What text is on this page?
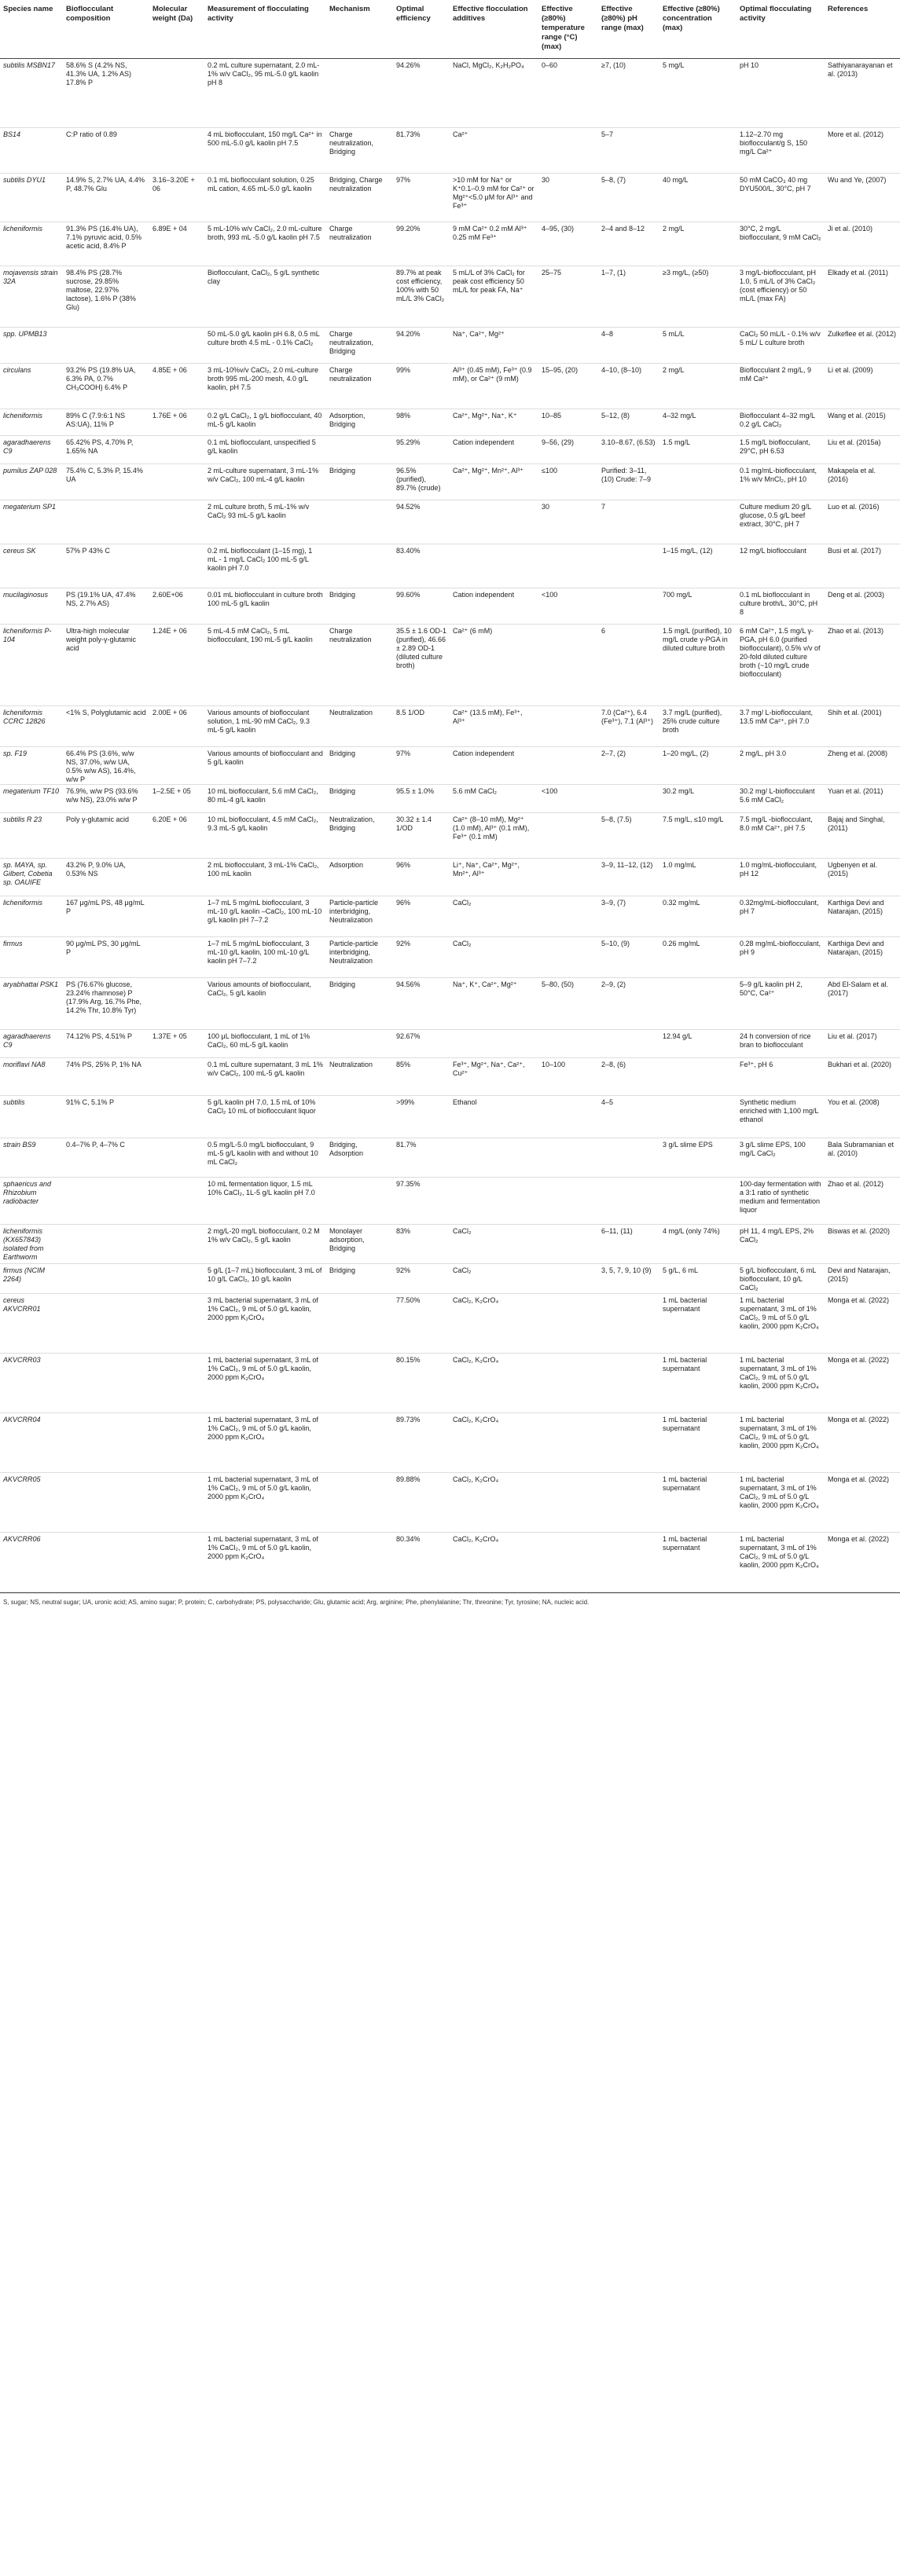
Species name	Bioflocculant composition	Molecular weight (Da)	Measurement of flocculating activity	Mechanism	Optimal efficiency	Effective flocculation additives	Effective (≥80%) temperature range (°C) (max)	Effective (≥80%) pH range (max)	Effective (≥80%) concentration (max)	Optimal flocculating activity	References
subtilis MSBN17	58.6% S (4.2% NS, 41.3% UA, 1.2% AS) 17.8% P		0.2 mL culture supernatant, 2.0 mL-1% w/v CaCl₂, 95 mL-5.0 g/L kaolin pH 8		94.26%	NaCl, MgCl₂, K₂H₂PO₄	0–60	≥7, (10)	5 mg/L	pH 10	Sathiyanarayanan et al. (2013)
BS14	C:P ratio of 0.89		4 mL bioflocculant, 150 mg/L Ca²⁺ in 500 mL-5.0 g/L kaolin pH 7.5	Charge neutralization, Bridging	81.73%	Ca²⁺		5–7		1.12–2.70 mg bioflocculant/g S, 150 mg/L Ca²⁺	More et al. (2012)
subtilis DYU1	14.9% S, 2.7% UA, 4.4% P, 48.7% Glu	3.16–3.20E + 06	0.1 mL bioflocculant solution, 0.25 mL cation, 4.65 mL-5.0 g/L kaolin	Bridging, Charge neutralization	97%	>10 mM for Na⁺ or K⁺0.1–0.9 mM for Ca²⁺ or Mg²⁺<5.0 μM for Al³⁺ and Fe³⁺	30	5–8, (7)	40 mg/L	50 mM CaCO₃ 40 mg DYU500/L, 30°C, pH 7	Wu and Ye, (2007)
licheniformis	91.3% PS (16.4% UA), 7.1% pyruvic acid, 0.5% acetic acid, 8.4% P	6.89E + 04	5 mL-10% w/v CaCl₂, 2.0 mL-culture broth, 993 mL -5.0 g/L kaolin pH 7.5	Charge neutralization	99.20%	9 mM Ca²⁺ 0.2 mM Al³⁺ 0.25 mM Fe³⁺	4–95, (30)	2–4 and 8–12	2 mg/L	30°C, 2 mg/L bioflocculant, 9 mM CaCl₂	Ji et al. (2010)
mojavensis strain 32A	98.4% PS (28.7% sucrose, 29.85% maltose, 22.97% lactose), 1.6% P (38% Glu)		Bioflocculant, CaCl₂, 5 g/L synthetic clay		89.7% at peak cost efficiency, 100% with 50 mL/L 3% CaCl₂	5 mL/L of 3% CaCl₂ for peak cost efficiency 50 mL/L for peak FA, Na⁺	25–75	1–7, (1)	≥3 mg/L, (≥50)	3 mg/L-bioflocculant, pH 1.0, 5 mL/L of 3% CaCl₂ (cost efficiency) or 50 mL/L (max FA)	Elkady et al. (2011)
spp. UPMB13			50 mL-5.0 g/L kaolin pH 6.8, 0.5 mL culture broth 4.5 mL - 0.1% CaCl₂	Charge neutralization, Bridging	94.20%	Na⁺, Ca²⁺, Mg²⁺		4–8	5 mL/L	CaCl₂ 50 mL/L - 0.1% w/v 5 mL/ L culture broth	Zulkeflee et al. (2012)
circulans	93.2% PS (19.8% UA, 6.3% PA, 0.7% CH₃COOH) 6.4% P	4.85E + 06	3 mL-10%v/v CaCl₂, 2.0 mL-culture broth 995 mL-200 mesh, 4.0 g/L kaolin, pH 7.5	Charge neutralization	99%	Al³⁺ (0.45 mM), Fe³⁺ (0.9 mM), or Ca²⁺ (9 mM)	15–95, (20)	4–10, (8–10)	2 mg/L	Bioflocculant 2 mg/L, 9 mM Ca²⁺	Li et al. (2009)
licheniformis	89% C (7.9:6:1 NS AS:UA), 11% P	1.76E + 06	0.2 g/L CaCl₂, 1 g/L bioflocculant, 40 mL-5 g/L kaolin	Adsorption, Bridging	98%	Ca²⁺, Mg²⁺, Na⁺, K⁺	10–85	5–12, (8)	4–32 mg/L	Bioflocculant 4–32 mg/L 0.2 g/L CaCl₂	Wang et al. (2015)
agaradhaerens C9	65.42% PS, 4.70% P, 1.65% NA		0.1 mL bioflocculant, unspecified 5 g/L kaolin		95.29%	Cation independent	9–56, (29)	3.10–8.67, (6.53)	1.5 mg/L	1.5 mg/L bioflocculant, 29°C, pH 6.53	Liu et al. (2015a)
pumilus ZAP 028	75.4% C, 5.3% P, 15.4% UA		2 mL-culture supernatant, 3 mL-1% w/v CaCl₂, 100 mL-4 g/L kaolin	Bridging	96.5% (purified), 89.7% (crude)	Ca²⁺, Mg²⁺, Mn²⁺, Al³⁺	≤100	Purified: 3–11, (10) Crude: 7–9		0.1 mg/mL-bioflocculant, 1% w/v MnCl₂, pH 10	Makapela et al. (2016)
megaterium SP1			2 mL culture broth, 5 mL-1% w/v CaCl₂ 93 mL-5 g/L kaolin		94.52%		30	7		Culture medium 20 g/L glucose, 0.5 g/L beef extract, 30°C, pH 7	Luo et al. (2016)
cereus SK	57% P 43% C		0.2 mL bioflocculant (1–15 mg), 1 mL - 1 mg/L CaCl₂ 100 mL-5 g/L kaolin pH 7.0		83.40%				1–15 mg/L, (12)	12 mg/L bioflocculant	Busi et al. (2017)
mucilaginosus	PS (19.1% UA, 47.4% NS, 2.7% AS)	2.60E+06	0.01 mL bioflocculant in culture broth 100 mL-5 g/L kaolin	Bridging	99.60%	Cation independent	<100		700 mg/L	0.1 mL bioflocculant in culture broth/L, 30°C, pH 8	Deng et al. (2003)
licheniformis P-104	Ultra-high molecular weight poly-γ-glutamic acid	1.24E + 06	5 mL-4.5 mM CaCl₂, 5 mL bioflocculant, 190 mL-5 g/L kaolin	Charge neutralization	35.5 ± 1.6 OD-1 (purified), 46.66 ± 2.89 OD-1 (diluted culture broth)	Ca²⁺ (6 mM)		6	1.5 mg/L (purified), 10 mg/L crude γ-PGA in diluted culture broth	6 mM Ca²⁺, 1.5 mg/L γ-PGA, pH 6.0 (purified bioflocculant), 0.5% v/v of 20-fold diluted culture broth (~10 mg/L crude bioflocculant)	Zhao et al. (2013)
licheniformis CCRC 12826	<1% S, Polyglutamic acid	2.00E + 06	Various amounts of bioflocculant solution, 1 mL-90 mM CaCl₂, 9.3 mL-5 g/L kaolin	Neutralization	8.5 1/OD	Ca²⁺ (13.5 mM), Fe³⁺, Al³⁺		7.0 (Ca²⁺), 6.4 (Fe³⁺), 7.1 (Al³⁺)	3.7 mg/L (purified), 25% crude culture broth	3.7 mg/ L-bioflocculant, 13.5 mM Ca²⁺, pH 7.0	Shih et al. (2001)
sp. F19	66.4% PS (3.6%, w/w NS, 37.0%, w/w UA, 0.5% w/w AS), 16.4%, w/w P		Various amounts of bioflocculant and 5 g/L kaolin	Bridging	97%	Cation independent		2–7, (2)	1–20 mg/L, (2)	2 mg/L, pH 3.0	Zheng et al. (2008)
megaterium TF10	76.9%, w/w PS (93.6% w/w NS), 23.0% w/w P	1–2.5E + 05	10 mL bioflocculant, 5.6 mM CaCl₂, 80 mL-4 g/L kaolin	Bridging	95.5 ± 1.0%	5.6 mM CaCl₂	<100		30.2 mg/L	30.2 mg/ L-bioflocculant 5.6 mM CaCl₂	Yuan et al. (2011)
subtilis R 23	Poly γ-glutamic acid	6.20E + 06	10 mL bioflocculant, 4.5 mM CaCl₂, 9.3 mL-5 g/L kaolin	Neutralization, Bridging	30.32 ± 1.4 1/OD	Ca²⁺ (8–10 mM), Mg²⁺ (1.0 mM), Al³⁺ (0.1 mM), Fe³⁺ (0.1 mM)		5–8, (7.5)	7.5 mg/L, ≤10 mg/L	7.5 mg/L -bioflocculant, 8.0 mM Ca²⁺, pH 7.5	Bajaj and Singhal, (2011)
sp. MAYA, sp. Gilbert, Cobetia sp. OAUIFE	43.2% P, 9.0% UA, 0.53% NS		2 mL bioflocculant, 3 mL-1% CaCl₂, 100 mL kaolin	Adsorption	96%	Li⁺, Na⁺, Ca²⁺, Mg²⁺, Mn²⁺, Al³⁺		3–9, 11–12, (12)	1.0 mg/mL	1.0 mg/mL-bioflocculant, pH 12	Ugbenyen et al. (2015)
licheniformis	167 μg/mL PS, 48 μg/mL P		1–7 mL 5 mg/mL bioflocculant, 3 mL-10 g/L kaolin –CaCl₂, 100 mL-10 g/L kaolin pH 7–7.2	Particle-particle interbridging, Neutralization	96%	CaCl₂		3–9, (7)	0.32 mg/mL	0.32mg/mL-bioflocculant, pH 7	Karthiga Devi and Natarajan, (2015)
firmus	90 μg/mL PS, 30 μg/mL P		1–7 mL 5 mg/mL bioflocculant, 3 mL-10 g/L kaolin, 100 mL-10 g/L kaolin pH 7–7.2	Particle-particle interbridging, Neutralization	92%	CaCl₂		5–10, (9)	0.26 mg/mL	0.28 mg/mL-bioflocculant, pH 9	Karthiga Devi and Natarajan, (2015)
aryabhattai PSK1	PS (76.67% glucose, 23.24% rhamnose) P (17.9% Arg, 16.7% Phe, 14.2% Thr, 10.8% Tyr)		Various amounts of bioflocculant, CaCl₂, 5 g/L kaolin	Bridging	94.56%	Na⁺, K⁺, Ca²⁺, Mg²⁺	5–80, (50)	2–9, (2)		5–9 g/L kaolin pH 2, 50°C, Ca²⁺	Abd El-Salam et al. (2017)
agaradhaerens C9	74.12% PS, 4.51% P	1.37E + 05	100 μL bioflocculant, 1 mL of 1% CaCl₂, 60 mL-5 g/L kaolin		92.67%				12.94 g/L	24 h conversion of rice bran to bioflocculant	Liu et al. (2017)
moriflavi NA8	74% PS, 25% P, 1% NA		0.1 mL culture supernatant, 3 mL 1% w/v CaCl₂, 100 mL-5 g/L kaolin	Neutralization	85%	Fe³⁺, Mg²⁺, Na⁺, Ca²⁺, Cu²⁺	10–100	2–8, (6)		Fe³⁺, pH 6	Bukhari et al. (2020)
subtilis	91% C, 5.1% P		5 g/L kaolin pH 7.0, 1.5 mL of 10% CaCl₂ 10 mL of bioflocculant liquor		>99%	Ethanol		4–5		Synthetic medium enriched with 1,100 mg/L ethanol	You et al. (2008)
strain BS9	0.4–7% P, 4–7% C		0.5 mg/L-5.0 mg/L bioflocculant, 9 mL-5 g/L kaolin with and without 10 mL CaCl₂	Bridging, Adsorption	81.7%				3 g/L slime EPS	3 g/L slime EPS, 100 mg/L CaCl₂	Bala Subramanian et al. (2010)
sphaericus and Rhizobium radiobacter			10 mL fermentation liquor, 1.5 mL 10% CaCl₂, 1L-5 g/L kaolin pH 7.0		97.35%					100-day fermentation with a 3:1 ratio of synthetic medium and fermentation liquor	Zhao et al. (2012)
licheniformis (KX657843) isolated from Earthworm			2 mg/L-20 mg/L bioflocculant, 0.2 M 1% w/v CaCl₂, 5 g/L kaolin	Monolayer adsorption, Bridging	83%	CaCl₂		6–11, (11)	4 mg/L (only 74%)	pH 11, 4 mg/L EPS, 2% CaCl₂	Biswas et al. (2020)
firmus (NCIM 2264)			5 g/L (1–7 mL) bioflocculant, 3 mL of 10 g/L CaCl₂, 10 g/L kaolin	Bridging	92%	CaCl₂		3, 5, 7, 9, 10 (9)	5 g/L, 6 mL	5 g/L bioflocculant, 6 mL bioflocculant, 10 g/L CaCl₂	Devi and Natarajan, (2015)
cereus AKVCRR01			3 mL bacterial supernatant, 3 mL of 1% CaCl₂, 9 mL of 5.0 g/L kaolin, 2000 ppm K₂CrO₄		77.50%	CaCl₂, K₂CrO₄			1 mL bacterial supernatant	1 mL bacterial supernatant, 3 mL of 1% CaCl₂, 9 mL of 5.0 g/L kaolin, 2000 ppm K₂CrO₄	Monga et al. (2022)
AKVCRR03			1 mL bacterial supernatant, 3 mL of 1% CaCl₂, 9 mL of 5.0 g/L kaolin, 2000 ppm K₂CrO₄		80.15%	CaCl₂, K₂CrO₄			1 mL bacterial supernatant	1 mL bacterial supernatant, 3 mL of 1% CaCl₂, 9 mL of 5.0 g/L kaolin, 2000 ppm K₂CrO₄	Monga et al. (2022)
AKVCRR04			1 mL bacterial supernatant, 3 mL of 1% CaCl₂, 9 mL of 5.0 g/L kaolin, 2000 ppm K₂CrO₄		89.73%	CaCl₂, K₂CrO₄			1 mL bacterial supernatant	1 mL bacterial supernatant, 3 mL of 1% CaCl₂, 9 mL of 5.0 g/L kaolin, 2000 ppm K₂CrO₄	Monga et al. (2022)
AKVCRR05			1 mL bacterial supernatant, 3 mL of 1% CaCl₂, 9 mL of 5.0 g/L kaolin, 2000 ppm K₂CrO₄		89.88%	CaCl₂, K₂CrO₄			1 mL bacterial supernatant	1 mL bacterial supernatant, 3 mL of 1% CaCl₂, 9 mL of 5.0 g/L kaolin, 2000 ppm K₂CrO₄	Monga et al. (2022)
AKVCRR06			1 mL bacterial supernatant, 3 mL of 1% CaCl₂, 9 mL of 5.0 g/L kaolin, 2000 ppm K₂CrO₄		80.34%	CaCl₂, K₂CrO₄			1 mL bacterial supernatant	1 mL bacterial supernatant, 3 mL of 1% CaCl₂, 9 mL of 5.0 g/L kaolin, 2000 ppm K₂CrO₄	Monga et al. (2022)
S, sugar; NS, neutral sugar; UA, uronic acid; AS, amino sugar; P, protein; C, carbohydrate; PS, polysaccharide; Glu, glutamic acid; Arg, arginine; Phe, phenylalanine; Thr, threonine; Tyr, tyrosine; NA, nucleic acid.
